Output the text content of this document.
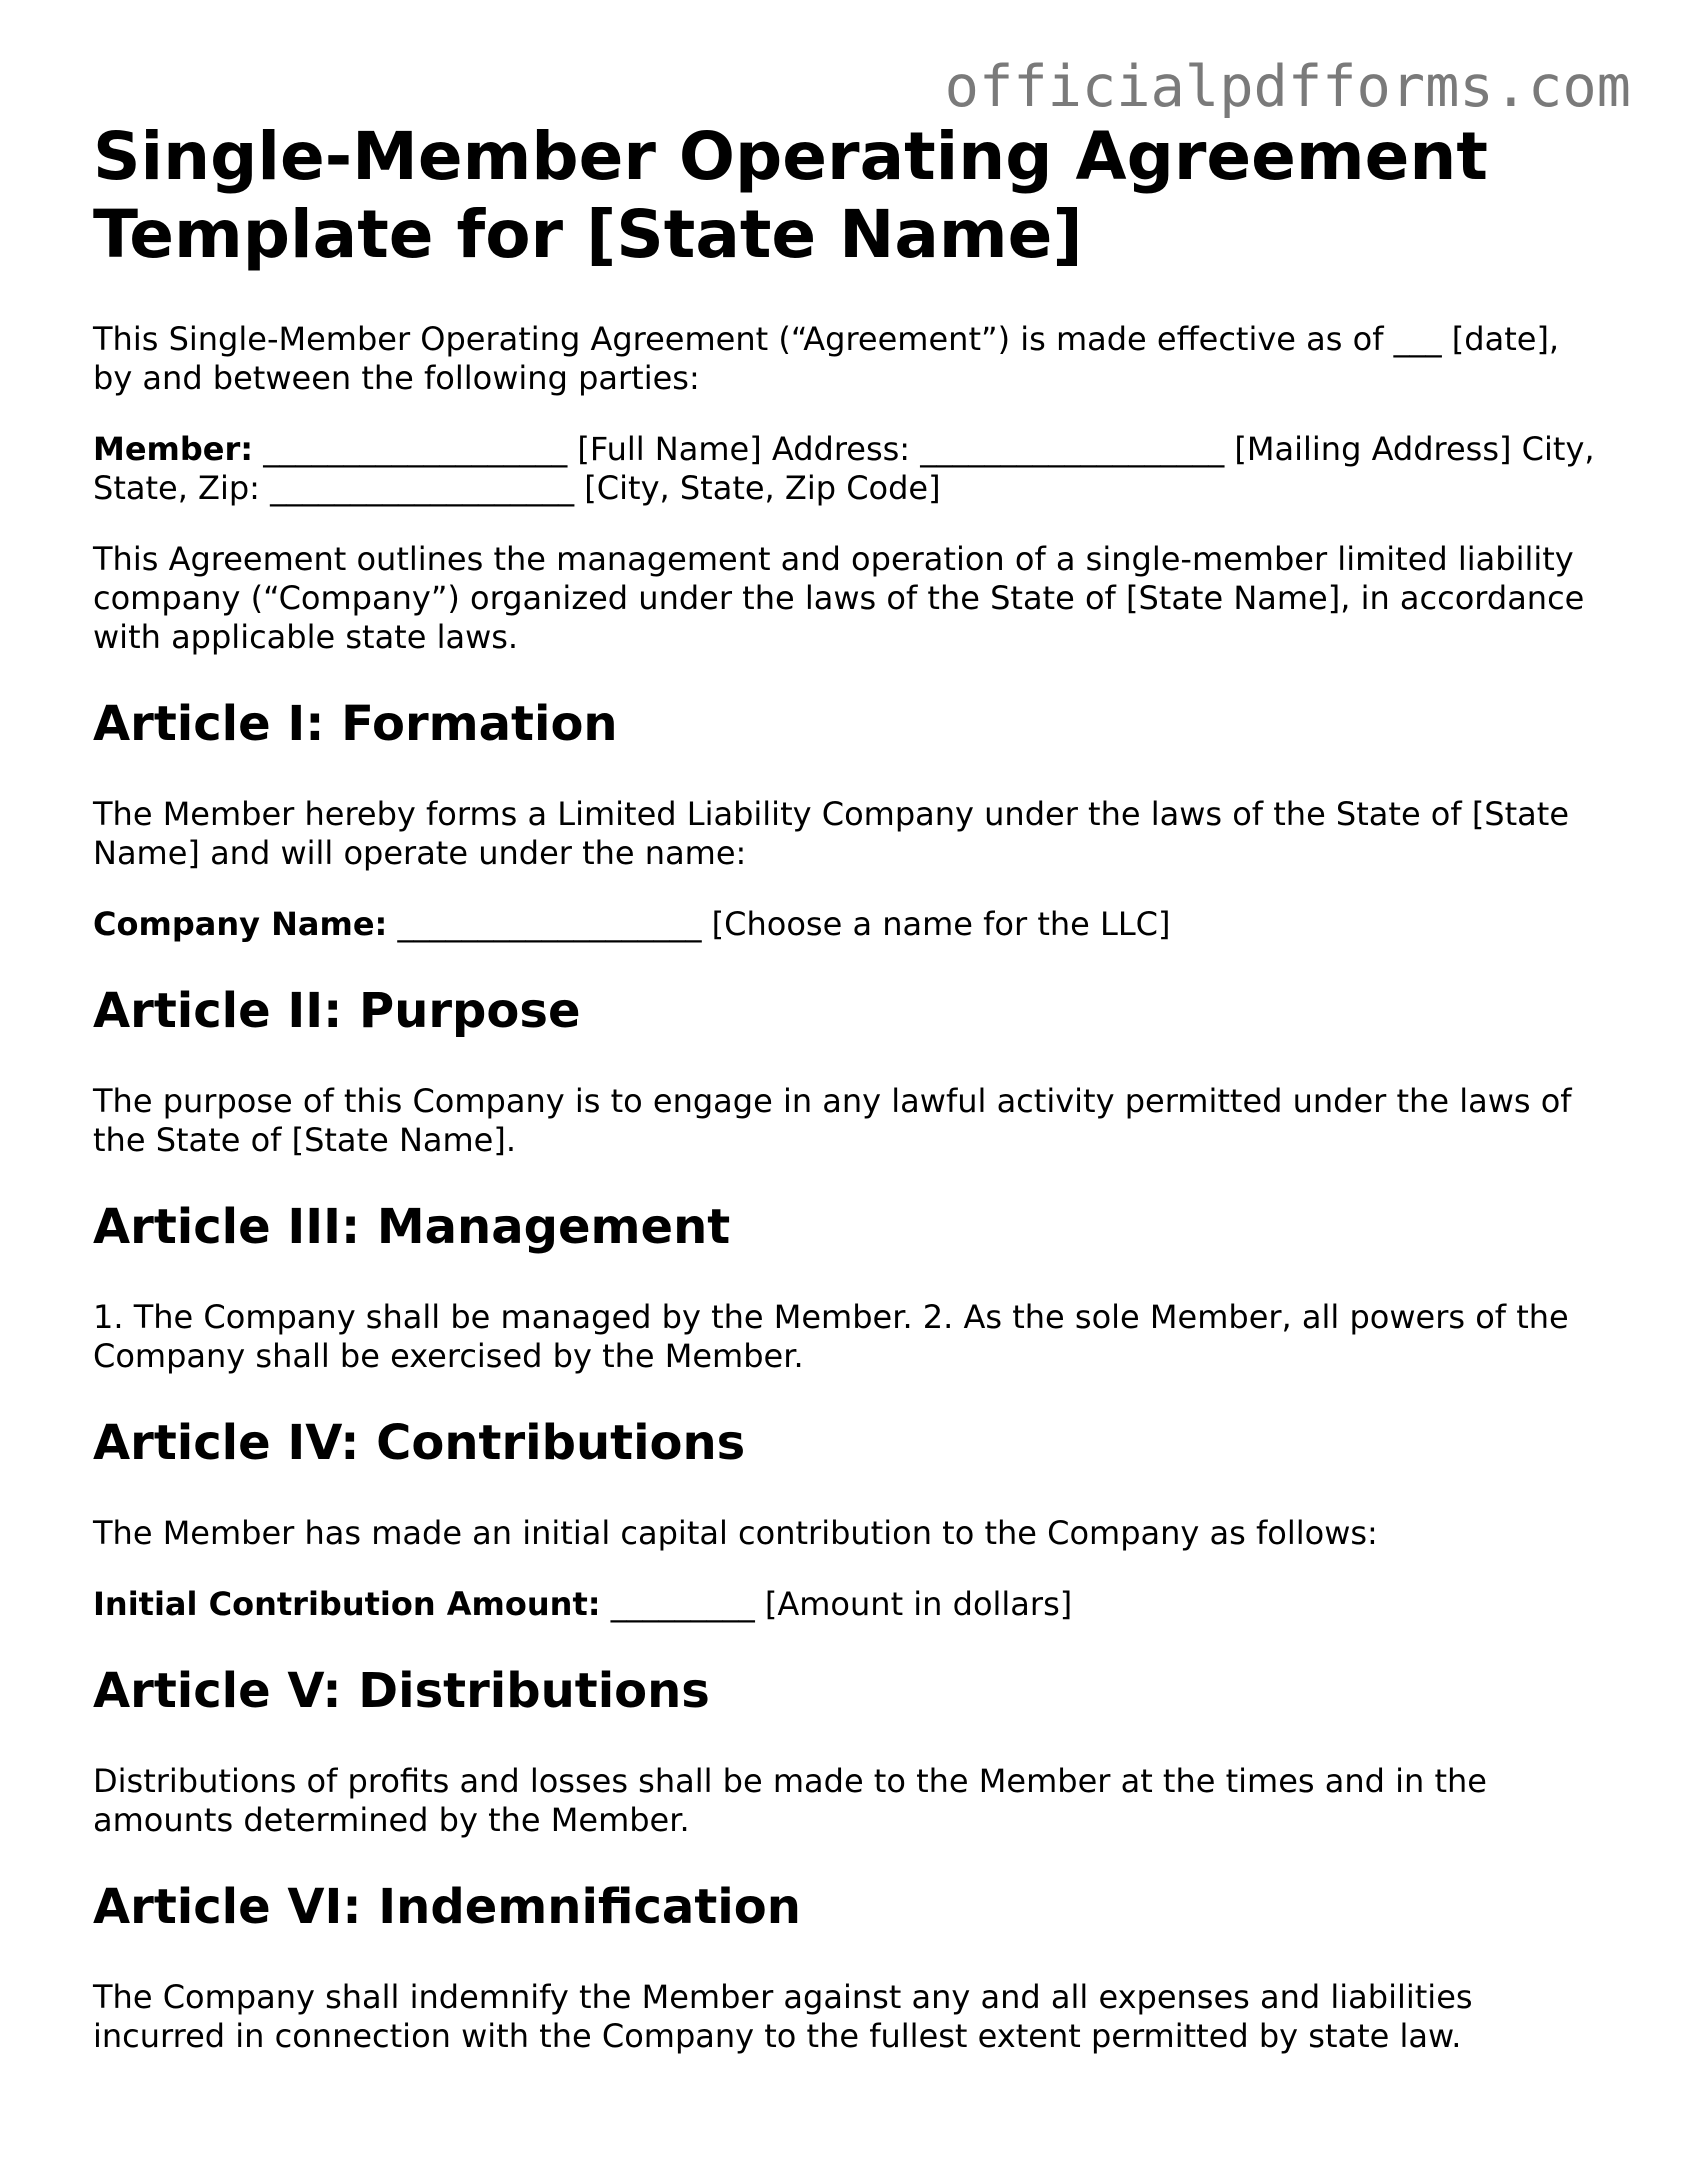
officialpdfforms.com
Single-Member Operating Agreement Template for [State Name]

This Single-Member Operating Agreement (“Agreement”) is made effective as of ___ [date], by and between the following parties:

Member: ___________________ [Full Name] Address: ___________________ [Mailing Address] City, State, Zip: ___________________ [City, State, Zip Code]

This Agreement outlines the management and operation of a single-member limited liability company (“Company”) organized under the laws of the State of [State Name], in accordance with applicable state laws.

Article I: Formation

The Member hereby forms a Limited Liability Company under the laws of the State of [State Name] and will operate under the name:

Company Name: ___________________ [Choose a name for the LLC]

Article II: Purpose

The purpose of this Company is to engage in any lawful activity permitted under the laws of the State of [State Name].

Article III: Management

1. The Company shall be managed by the Member. 2. As the sole Member, all powers of the Company shall be exercised by the Member.

Article IV: Contributions

The Member has made an initial capital contribution to the Company as follows:

Initial Contribution Amount: _________ [Amount in dollars]

Article V: Distributions

Distributions of profits and losses shall be made to the Member at the times and in the amounts determined by the Member.

Article VI: Indemnification

The Company shall indemnify the Member against any and all expenses and liabilities incurred in connection with the Company to the fullest extent permitted by state law.
